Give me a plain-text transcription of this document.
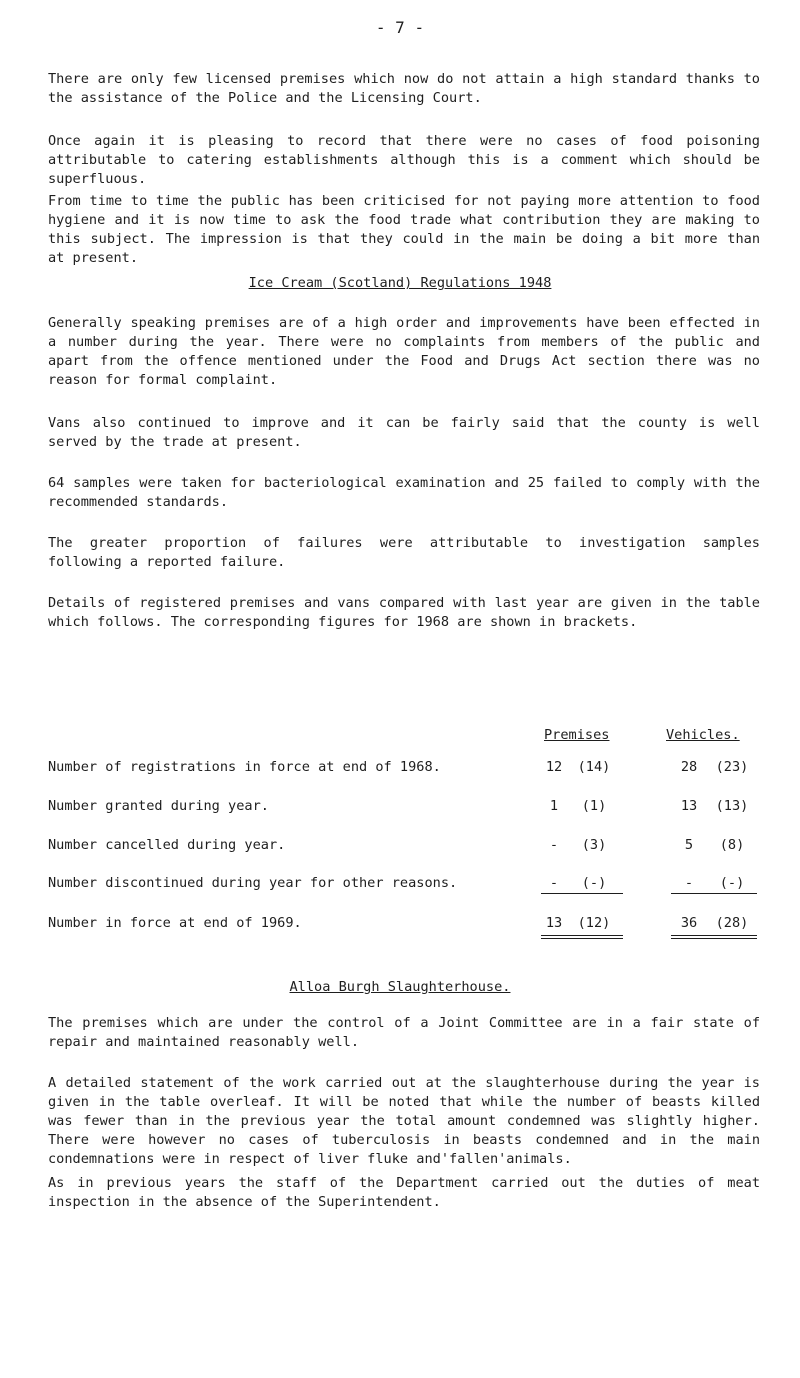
- 7 -

There are only few licensed premises which now do not attain a high standard thanks to the assistance of the Police and the Licensing Court.

Once again it is pleasing to record that there were no cases of food poisoning attributable to catering establishments although this is a comment which should be superfluous.

From time to time the public has been criticised for not paying more attention to food hygiene and it is now time to ask the food trade what contribution they are making to this subject. The impression is that they could in the main be doing a bit more than at present.

Ice Cream (Scotland) Regulations 1948

Generally speaking premises are of a high order and improvements have been effected in a number during the year. There were no complaints from members of the public and apart from the offence mentioned under the Food and Drugs Act section there was no reason for formal complaint.

Vans also continued to improve and it can be fairly said that the county is well served by the trade at present.

64 samples were taken for bacteriological examination and 25 failed to comply with the recommended standards.

The greater proportion of failures were attributable to investigation samples following a reported failure.

Details of registered premises and vans compared with last year are given in the table which follows. The corresponding figures for 1968 are shown in brackets.

Premises	Vehicles.
Number of registrations in force at end of 1968.	12	(14)	28	(23)
Number granted during year.	1	(1)	13	(13)
Number cancelled during year.	-	(3)	5	(8)
Number discontinued during year for other reasons.	-	(-)	-	(-)
Number in force at end of 1969.	13	(12)	36	(28)

Alloa Burgh Slaughterhouse.

The premises which are under the control of a Joint Committee are in a fair state of repair and maintained reasonably well.

A detailed statement of the work carried out at the slaughterhouse during the year is given in the table overleaf. It will be noted that while the number of beasts killed was fewer than in the previous year the total amount condemned was slightly higher. There were however no cases of tuberculosis in beasts condemned and in the main condemnations were in respect of liver fluke and'fallen'animals.

As in previous years the staff of the Department carried out the duties of meat inspection in the absence of the Superintendent.
